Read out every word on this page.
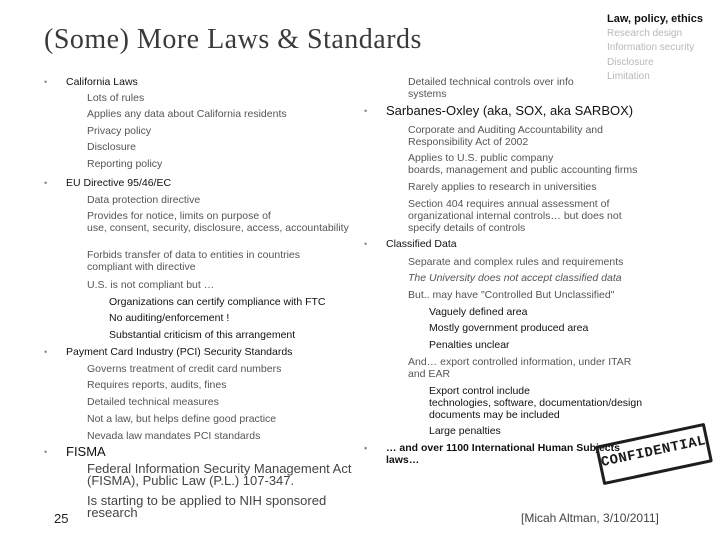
(Some) More Laws & Standards
Law, policy, ethics
Research design
Information security
Disclosure
Limitation
• California Laws
Lots of rules
Applies any data about California residents
Privacy policy
Disclosure
Reporting policy
• EU Directive 95/46/EC
Data protection directive
Provides for notice, limits on purpose of
use, consent, security, disclosure, access, accountability
Forbids transfer of data to entities in countries
compliant with directive
U.S. is not compliant but …
Organizations can certify compliance with FTC
No auditing/enforcement !
Substantial criticism of this arrangement
• Payment Card Industry (PCI) Security Standards
Governs treatment of credit card numbers
Requires reports, audits, fines
Detailed technical measures
Not a law, but helps define good practice
Nevada law mandates PCI standards
• FISMA
Federal Information Security Management Act
(FISMA), Public Law (P.L.) 107-347.
Is starting to be applied to NIH sponsored
research
Detailed technical controls over info
systems
• Sarbanes-Oxley (aka, SOX, aka SARBOX)
Corporate and Auditing Accountability and
Responsibility Act of 2002
Applies to U.S. public company
boards, management and public accounting firms
Rarely applies to research in universities
Section 404 requires annual assessment of
organizational internal controls… but does not
specify details of controls
• Classified Data
Separate and complex rules and requirements
The University does not accept classified data
But.. may have "Controlled But Unclassified"
Vaguely defined area
Mostly government produced area
Penalties unclear
And… export controlled information, under ITAR
and EAR
Export control include
technologies, software, documentation/design
documents may be included
Large penalties
• … and over 1100 International Human Subjects
laws…
25	[Micah Altman, 3/10/2011]
CONFIDENTIAL
